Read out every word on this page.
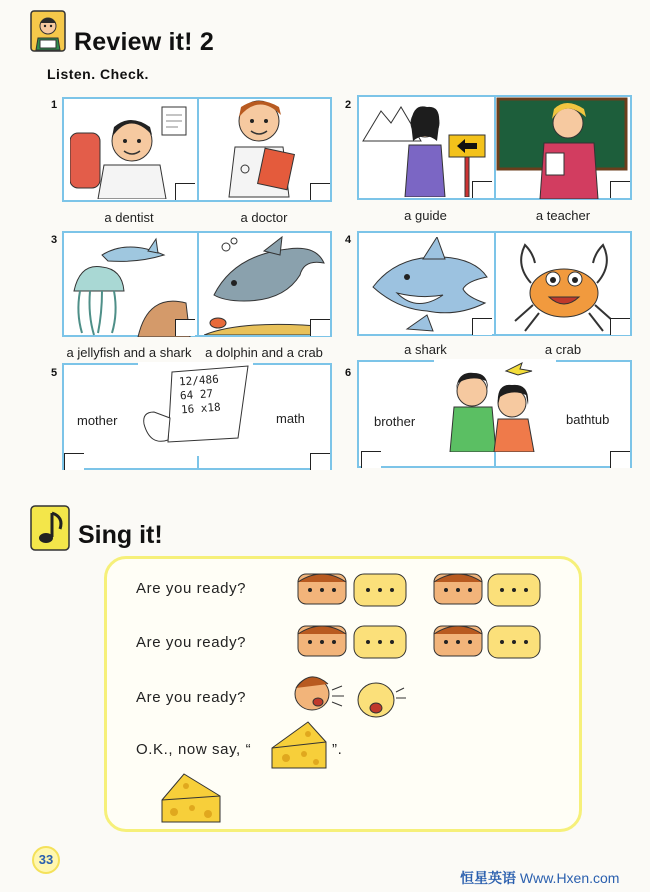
Review it! 2
Listen. Check.
1
a dentist	a doctor
2
a guide	a teacher
3
a jellyfish and a shark	a dolphin and a crab
4
a shark	a crab
5
mother	math
12/486
64 27
16 x18
6
brother	bathtub
Sing it!
Are you ready?
Are you ready?
Are you ready?
O.K., now say, “	”.
33
恒星英语 Www.Hxen.com
